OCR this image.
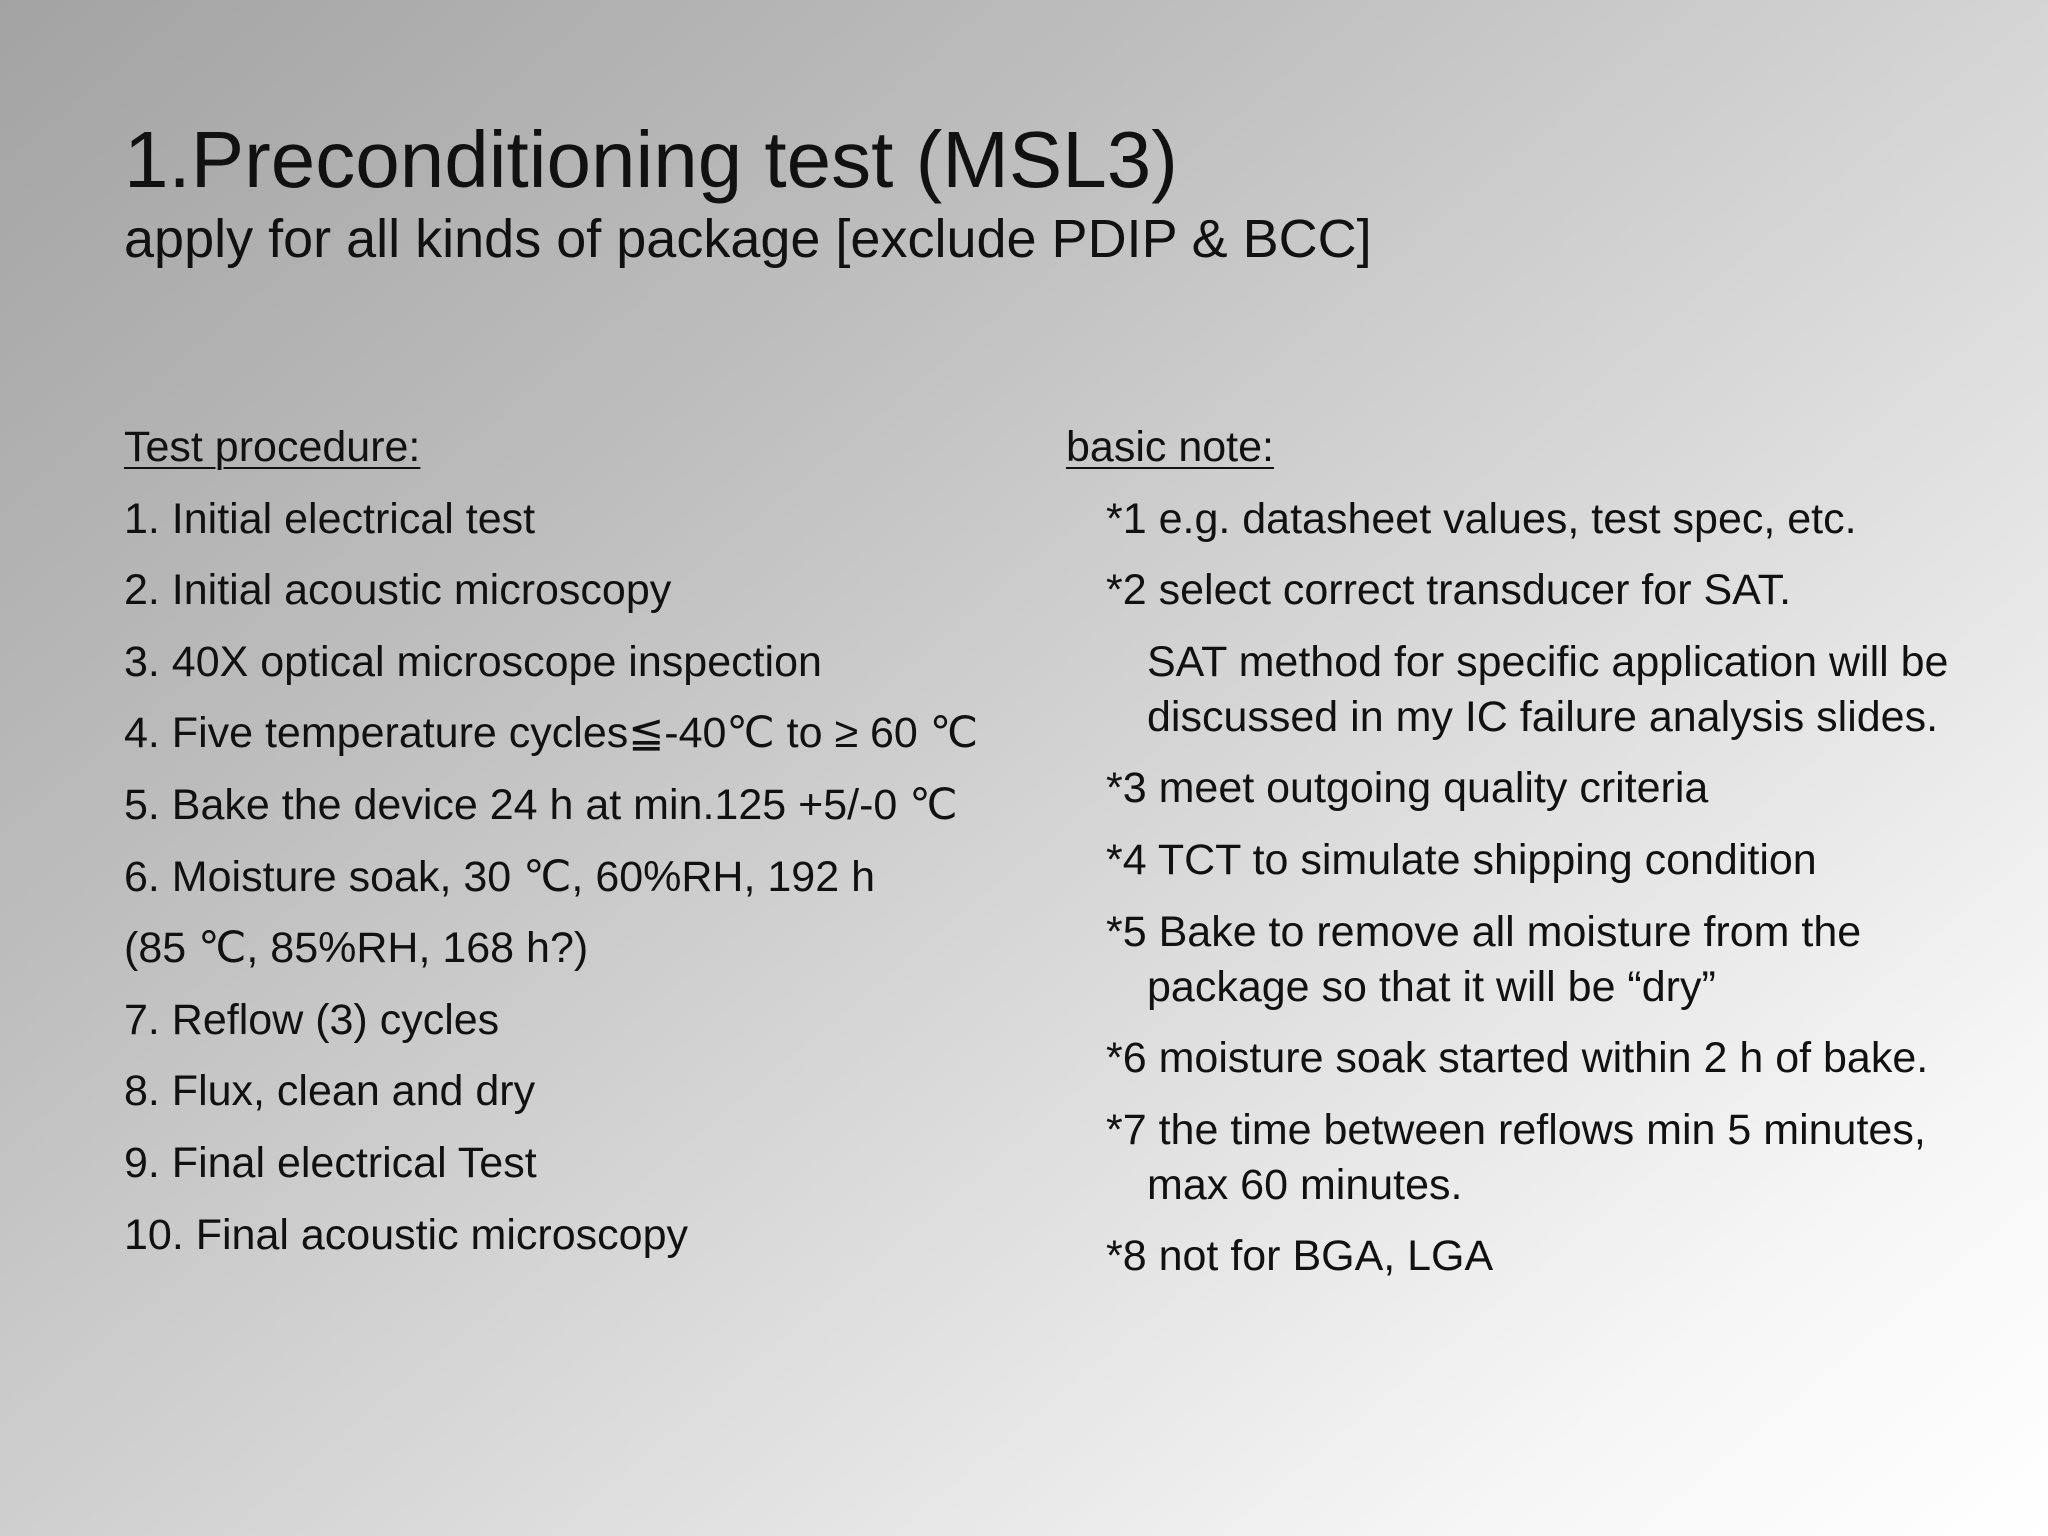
1.Preconditioning test (MSL3)
apply for all kinds of package [exclude PDIP & BCC]
Test procedure:
1. Initial electrical test
2. Initial acoustic microscopy
3. 40X optical microscope inspection
4. Five temperature cycles≦-40℃ to ≥ 60 ℃
5. Bake the device 24 h at min.125 +5/-0 ℃
6. Moisture soak, 30 ℃, 60%RH, 192 h
(85 ℃, 85%RH, 168 h?)
7. Reflow (3) cycles
8. Flux, clean and dry
9. Final electrical Test
10. Final acoustic microscopy
basic note:
*1 e.g. datasheet values, test spec, etc.
*2 select correct transducer for SAT.
SAT method for specific application will be
discussed in my IC failure analysis slides.
*3 meet outgoing quality criteria
*4 TCT to simulate shipping condition
*5 Bake to remove all moisture from the
package so that it will be “dry”
*6 moisture soak started within 2 h of bake.
*7 the time between reflows min 5 minutes,
max 60 minutes.
*8 not for BGA, LGA
